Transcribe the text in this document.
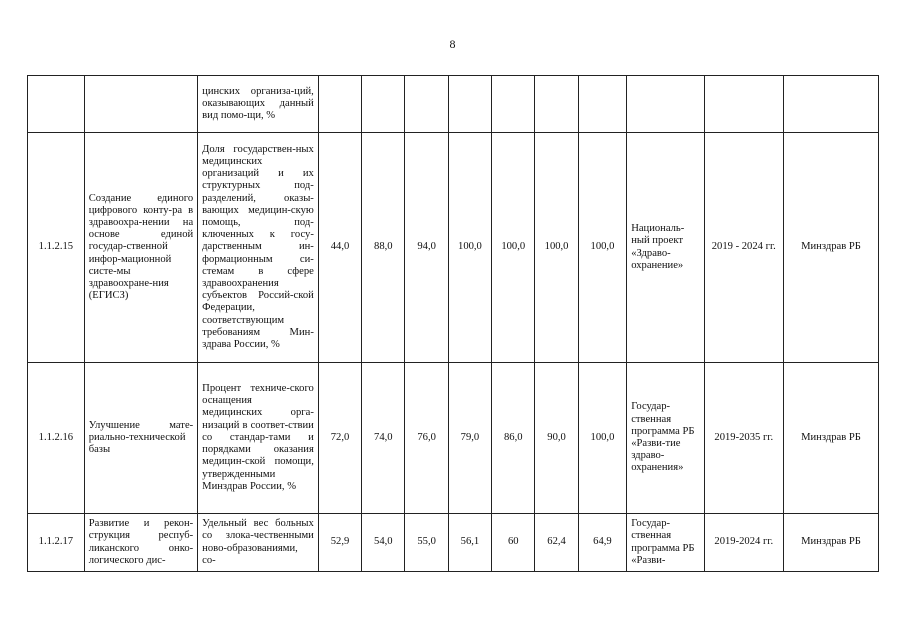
8
		цинских организа-ций, оказывающих данный вид помо-щи, %										
1.1.2.15	Создание единого цифрового конту-ра в здравоохра-нении на основе единой государ-ственной инфор-мационной систе-мы здравоохране-ния (ЕГИСЗ)	Доля государствен-ных медицинских организаций и их структурных под-разделений, оказы-вающих медицин-скую помощь, под-ключенных к госу-дарственным ин-формационным си-стемам в сфере здравоохранения субъектов Россий-ской Федерации, соответствующим требованиям Мин-здрава России, %	44,0	88,0	94,0	100,0	100,0	100,0	100,0	Националь-ный проект «Здраво-охранение»	2019 - 2024 гг.	Минздрав РБ
1.1.2.16	Улучшение мате-риально-технической базы	Процент техниче-ского оснащения медицинских орга-низаций в соответ-ствии со стандар-тами и порядками оказания медицин-ской помощи, утвержденными Минздрав России, %	72,0	74,0	76,0	79,0	86,0	90,0	100,0	Государ-ственная программа РБ «Разви-тие здраво-охранения»	2019-2035 гг.	Минздрав РБ
1.1.2.17	Развитие и рекон-струкция респуб-ликанского онко-логического дис-	Удельный вес больных со злока-чественными ново-образованиями, со-	52,9	54,0	55,0	56,1	60	62,4	64,9	Государ-ственная программа РБ «Разви-	2019-2024 гг.	Минздрав РБ
